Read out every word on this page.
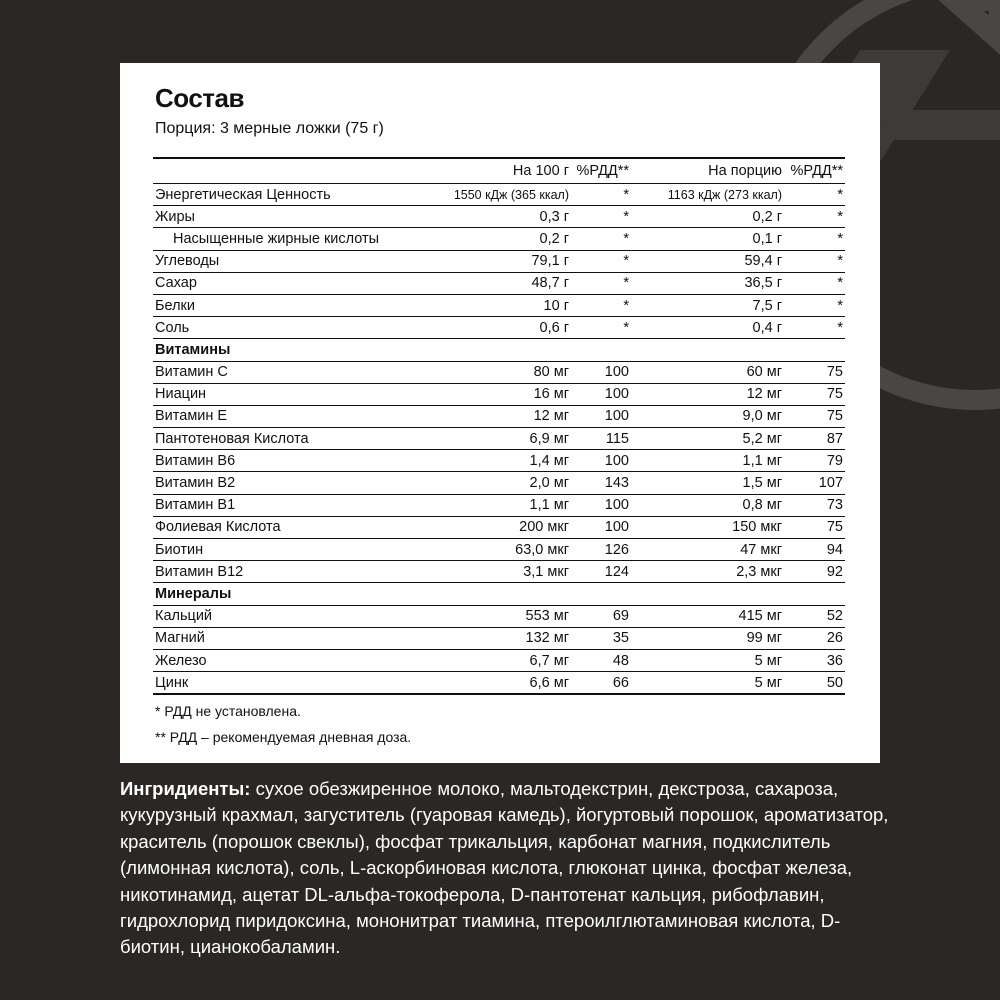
Состав
Порция: 3 мерные ложки (75 г)
	На 100 г	%РДД**	На порцию	%РДД**
Энергетическая Ценность	1550 кДж (365 ккал)	*	1163 кДж (273 ккал)	*
Жиры	0,3 г	*	0,2 г	*
Насыщенные жирные кислоты	0,2 г	*	0,1 г	*
Углеводы	79,1 г	*	59,4 г	*
Сахар	48,7 г	*	36,5 г	*
Белки	10 г	*	7,5 г	*
Соль	0,6 г	*	0,4 г	*
Витамины				
Витамин С	80 мг	100	60 мг	75
Ниацин	16 мг	100	12 мг	75
Витамин Е	12 мг	100	9,0 мг	75
Пантотеновая Кислота	6,9 мг	115	5,2 мг	87
Витамин B6	1,4 мг	100	1,1 мг	79
Витамин B2	2,0 мг	143	1,5 мг	107
Витамин B1	1,1 мг	100	0,8 мг	73
Фолиевая Кислота	200 мкг	100	150 мкг	75
Биотин	63,0 мкг	126	47 мкг	94
Витамин B12	3,1 мкг	124	2,3 мкг	92
Минералы				
Кальций	553 мг	69	415 мг	52
Магний	132 мг	35	99 мг	26
Железо	6,7 мг	48	5 мг	36
Цинк	6,6 мг	66	5 мг	50
* РДД не установлена.
** РДД – рекомендуемая дневная доза.
Ингридиенты: сухое обезжиренное молоко, мальтодекстрин, декстроза, сахароза, кукурузный крахмал, загуститель (гуаровая камедь), йогуртовый порошок, ароматизатор, краситель (порошок свеклы), фосфат трикальция, карбонат магния, подкислитель (лимонная кислота), соль, L-аскорбиновая кислота, глюконат цинка, фосфат железа, никотинамид, ацетат DL-альфа-токоферола, D-пантотенат кальция, рибофлавин, гидрохлорид пиридоксина, мононитрат тиамина, птероилглютаминовая кислота, D-биотин, цианокобаламин.
